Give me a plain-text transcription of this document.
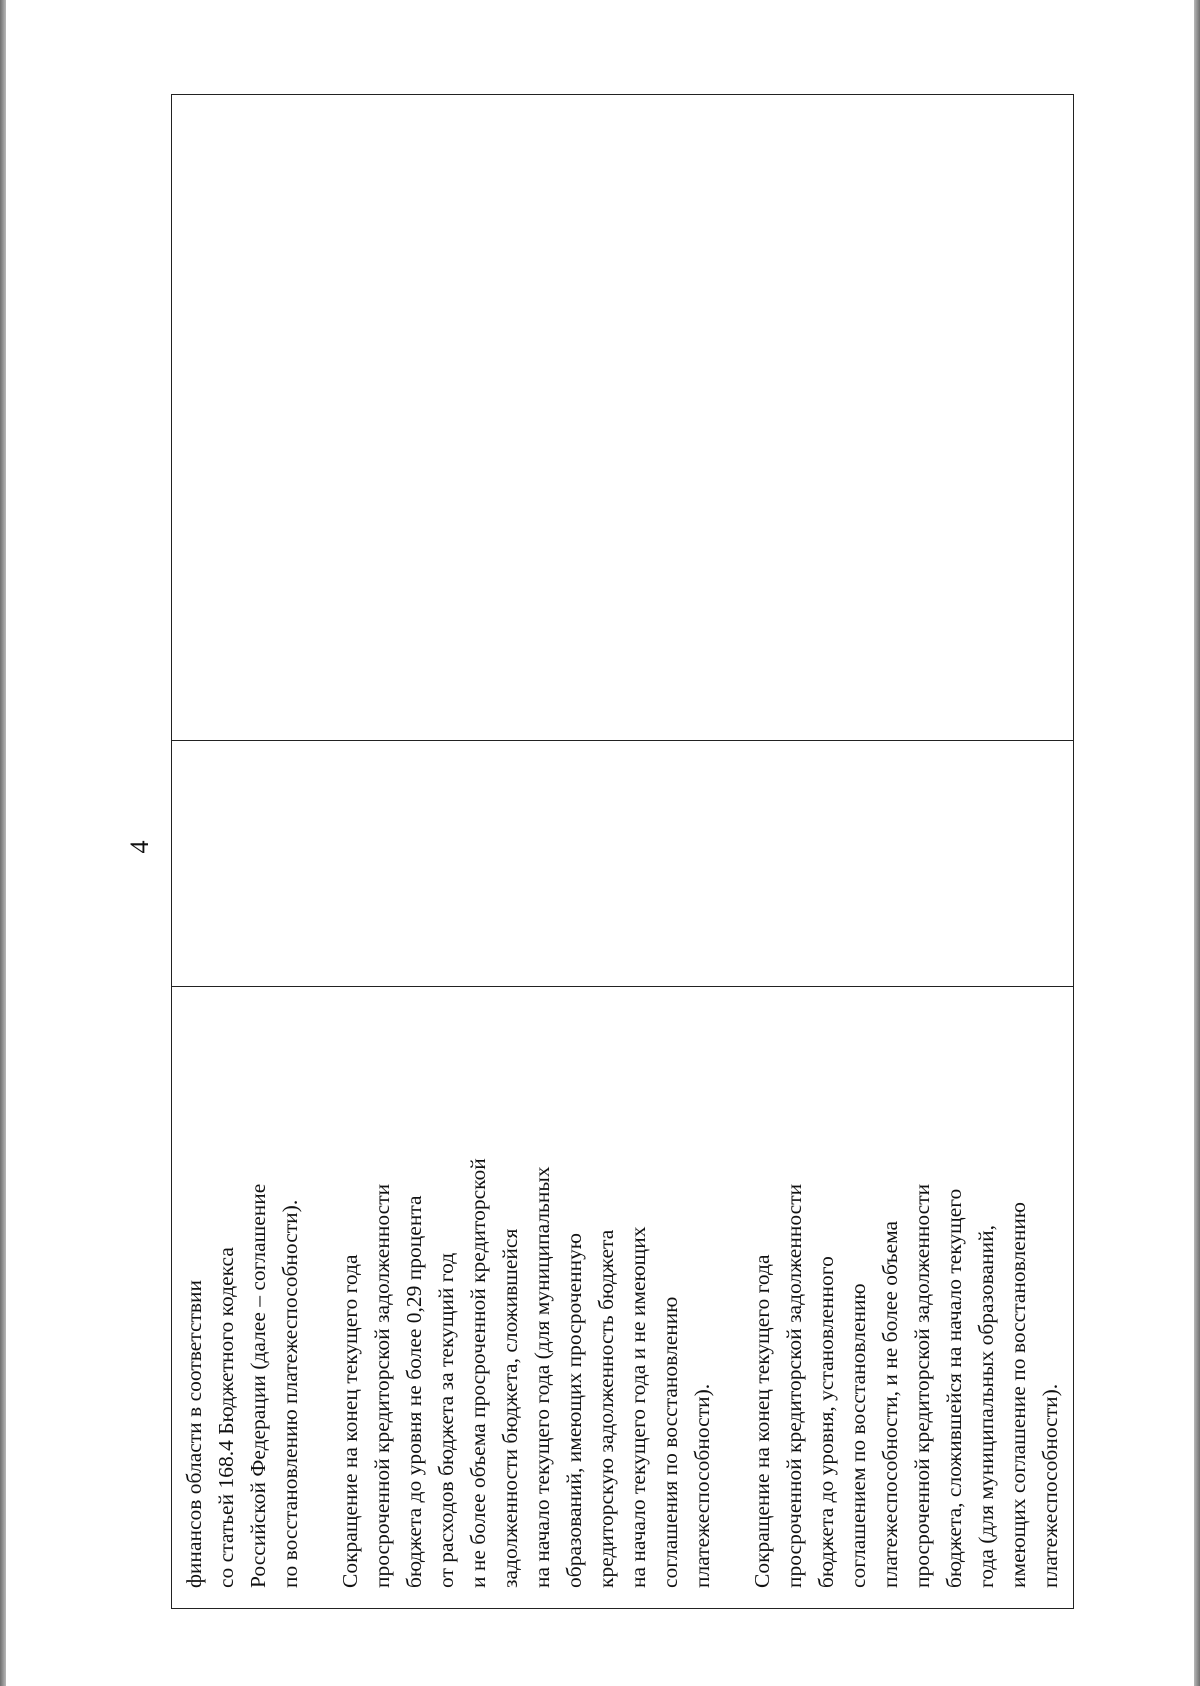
4

финансов области в соответствии со статьей 168.4 Бюджетного кодекса Российской Федерации (далее – соглашение по восстановлению платежеспособности). Сокращение на конец текущего года просроченной кредиторской задолженности бюджета до уровня не более 0,29 процента от расходов бюджета за текущий год и не более объема просроченной кредиторской задолженности бюджета, сложившейся на начало текущего года (для муниципальных образований, имеющих просроченную кредиторскую задолженность бюджета на начало текущего года и не имеющих соглашения по восстановлению платежеспособности). Сокращение на конец текущего года просроченной кредиторской задолженности бюджета до уровня, установленного соглашением по восстановлению платежеспособности, и не более объема просроченной кредиторской задолженности бюджета, сложившейся на начало текущего года (для муниципальных образований, имеющих соглашение по восстановлению платежеспособности).
